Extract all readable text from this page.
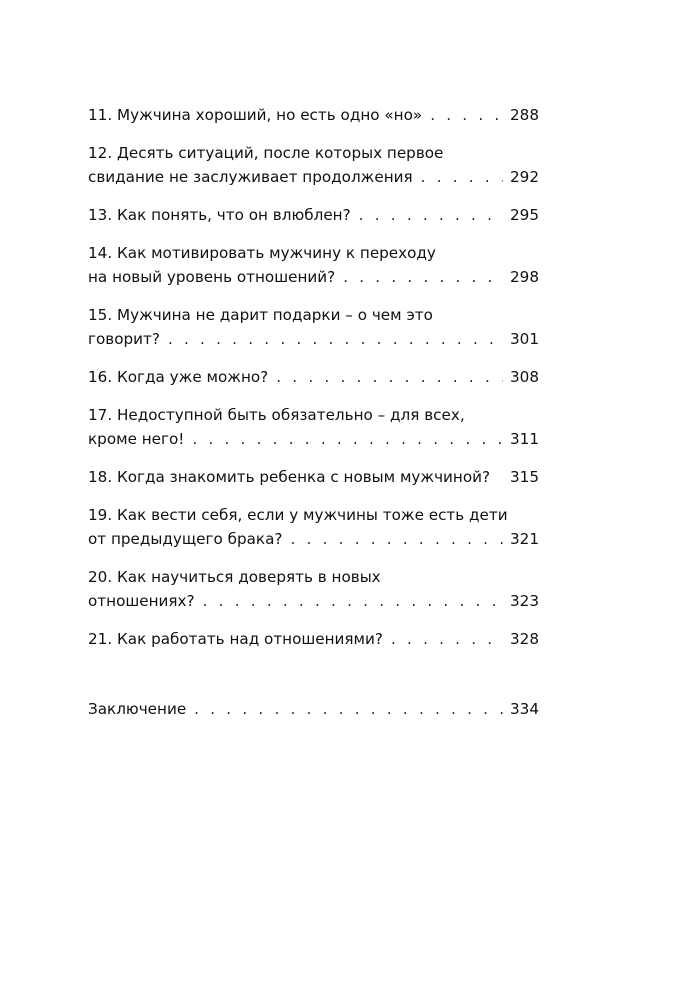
11. Мужчина хороший, но есть одно «но» . . .	288
12. Десять ситуаций, после которых первое
свидание не заслуживает продолжения . . .	292
13. Как понять, что он влюблен? . . .	295
14. Как мотивировать мужчину к переходу
на новый уровень отношений? . . .	298
15. Мужчина не дарит подарки – о чем это
говорит? . . .	301
16. Когда уже можно? . . .	308
17. Недоступной быть обязательно – для всех,
кроме него! . . .	311
18. Когда знакомить ребенка с новым мужчиной? 315
19. Как вести себя, если у мужчины тоже есть дети
от предыдущего брака? . . .	321
20. Как научиться доверять в новых
отношениях? . . .	323
21. Как работать над отношениями? . . .	328
Заключение . . .	334
